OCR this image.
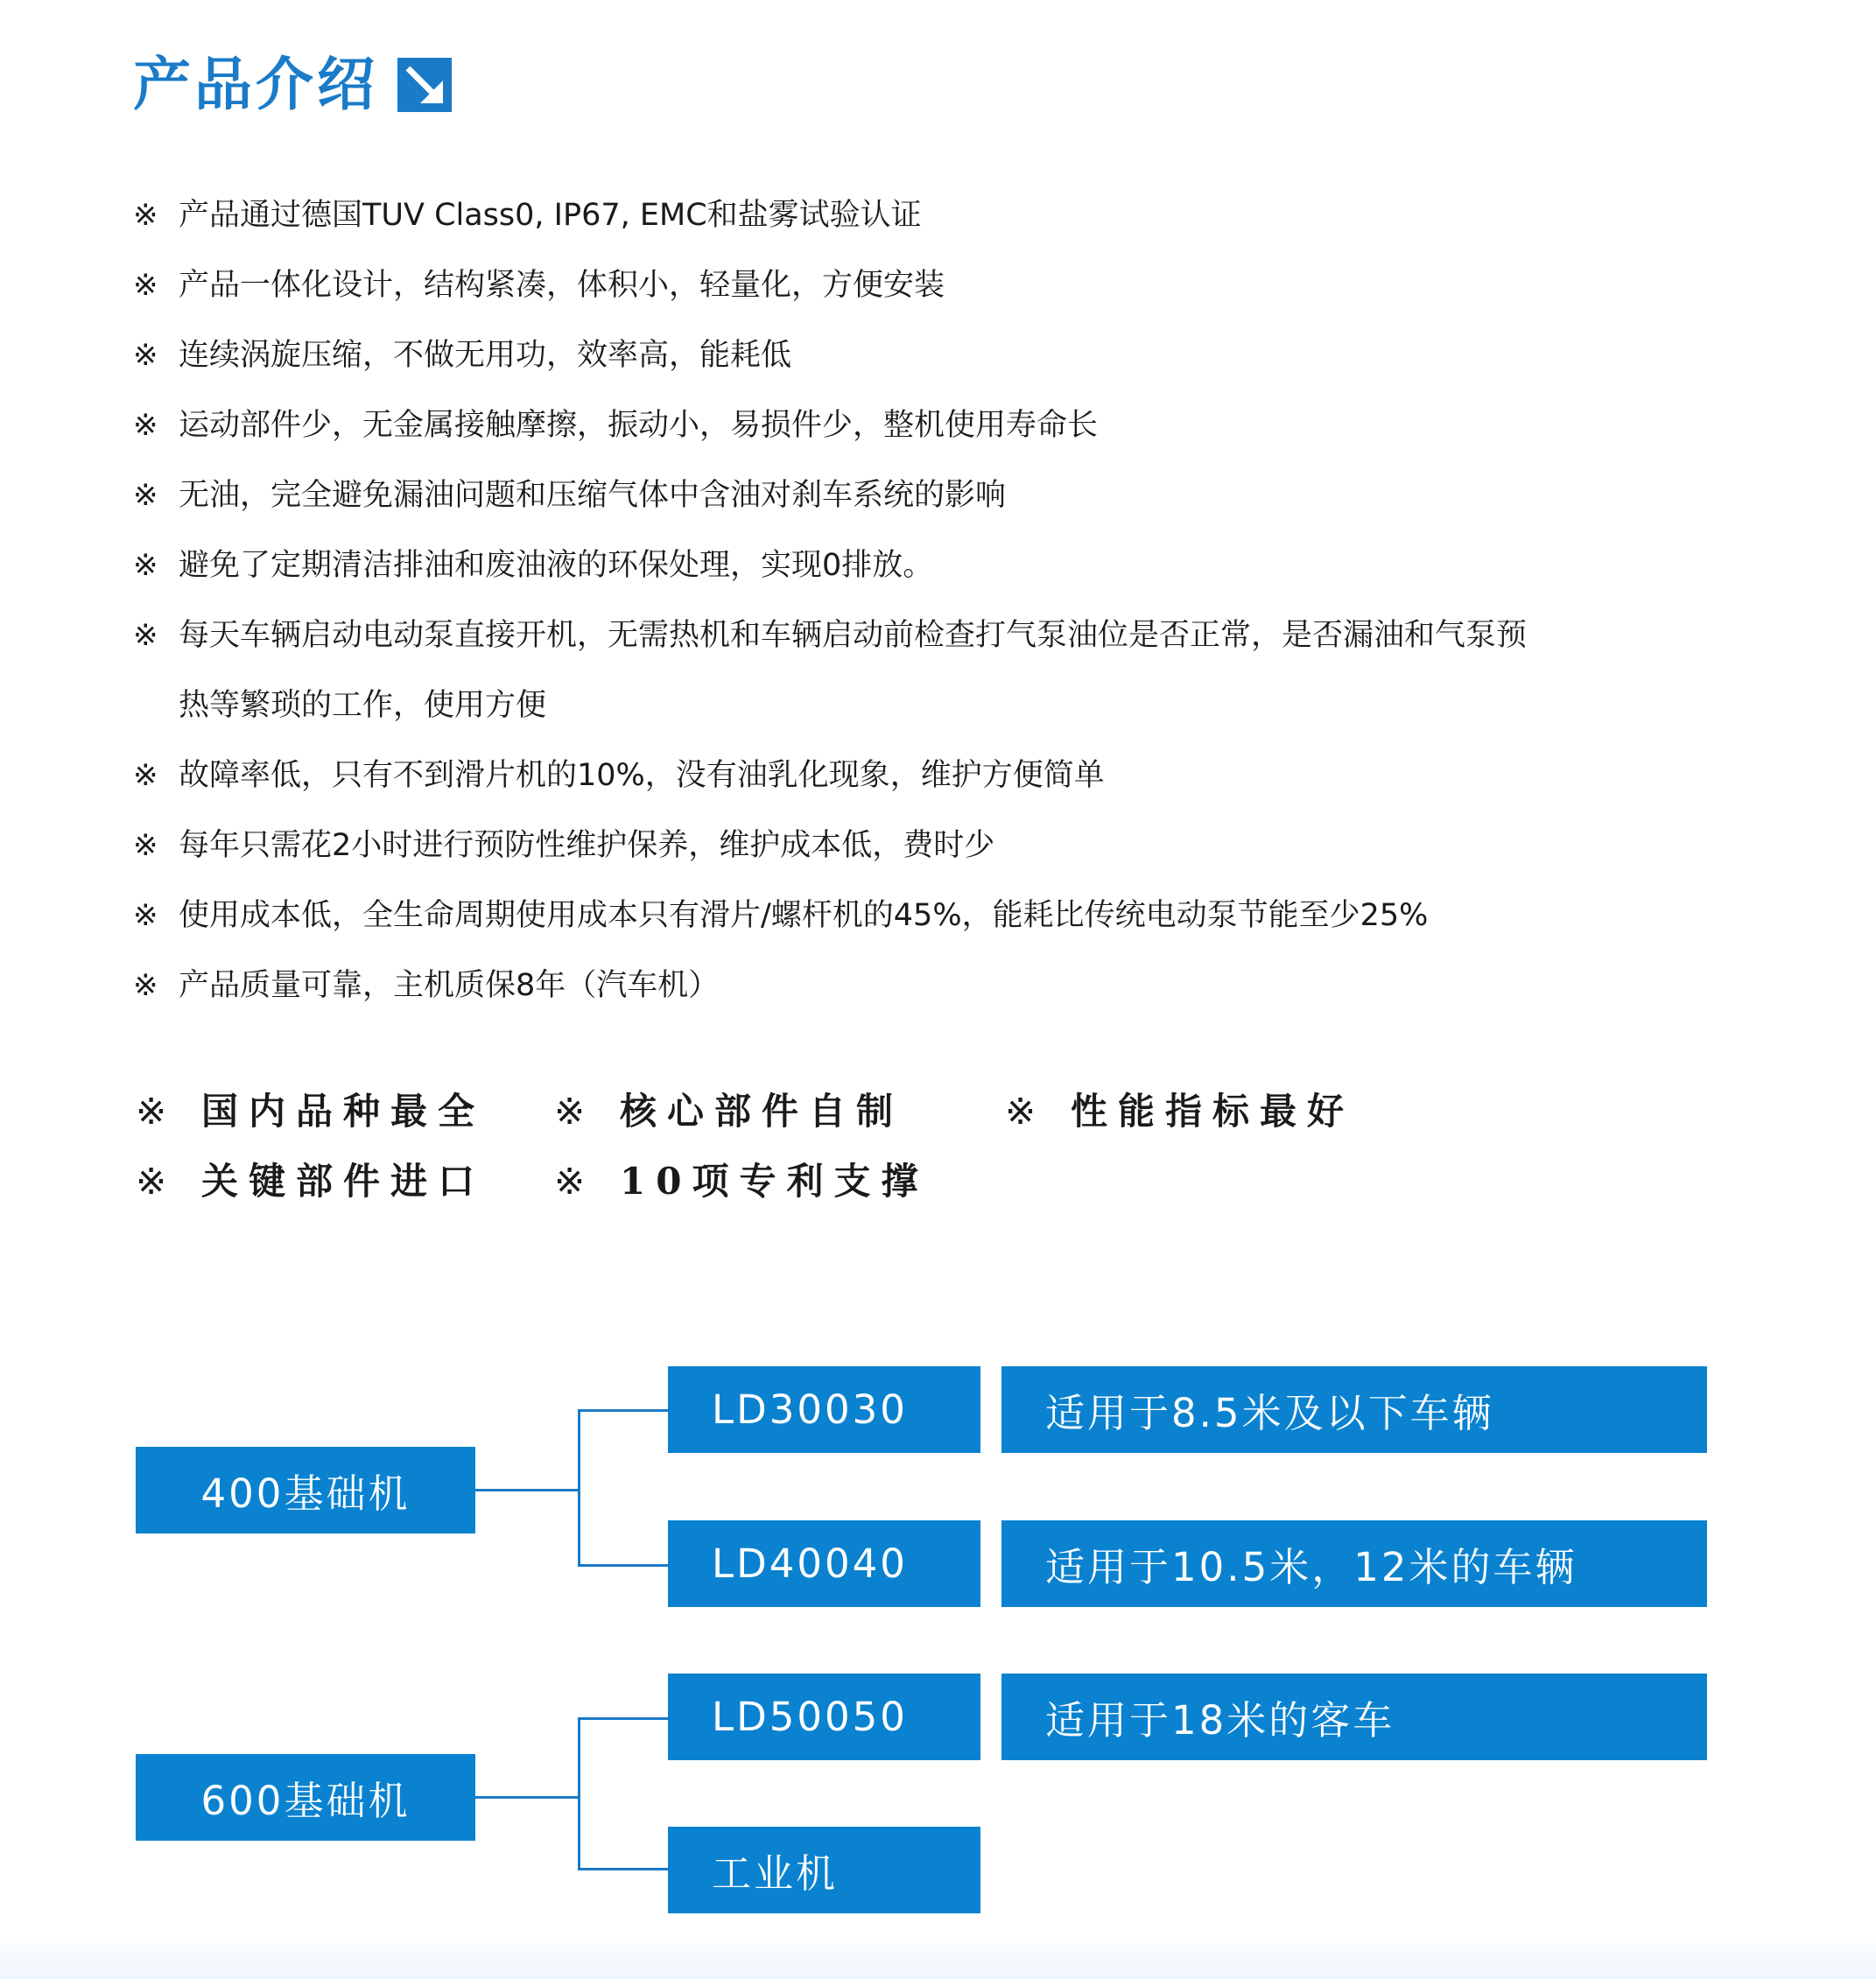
产品介绍
※ 产品通过德国TUV Class0, IP67, EMC和盐雾试验认证
※ 产品一体化设计，结构紧凑，体积小，轻量化，方便安装
※ 连续涡旋压缩，不做无用功，效率高，能耗低
※ 运动部件少，无金属接触摩擦，振动小，易损件少，整机使用寿命长
※ 无油，完全避免漏油问题和压缩气体中含油对刹车系统的影响
※ 避免了定期清洁排油和废油液的环保处理，实现0排放。
※ 每天车辆启动电动泵直接开机，无需热机和车辆启动前检查打气泵油位是否正常，是否漏油和气泵预热等繁琐的工作，使用方便
※ 故障率低，只有不到滑片机的10%，没有油乳化现象，维护方便简单
※ 每年只需花2小时进行预防性维护保养，维护成本低，费时少
※ 使用成本低，全生命周期使用成本只有滑片/螺杆机的45%，能耗比传统电动泵节能至少25%
※ 产品质量可靠，主机质保8年（汽车机）
※ 国内品种最全 ※ 核心部件自制	※ 性能指标最好
※ 关键部件进口 ※ 10项专利支撑
400基础机
600基础机
LD30030
LD40040
LD50050
工业机
适用于8.5米及以下车辆
适用于10.5米，12米的车辆
适用于18米的客车
